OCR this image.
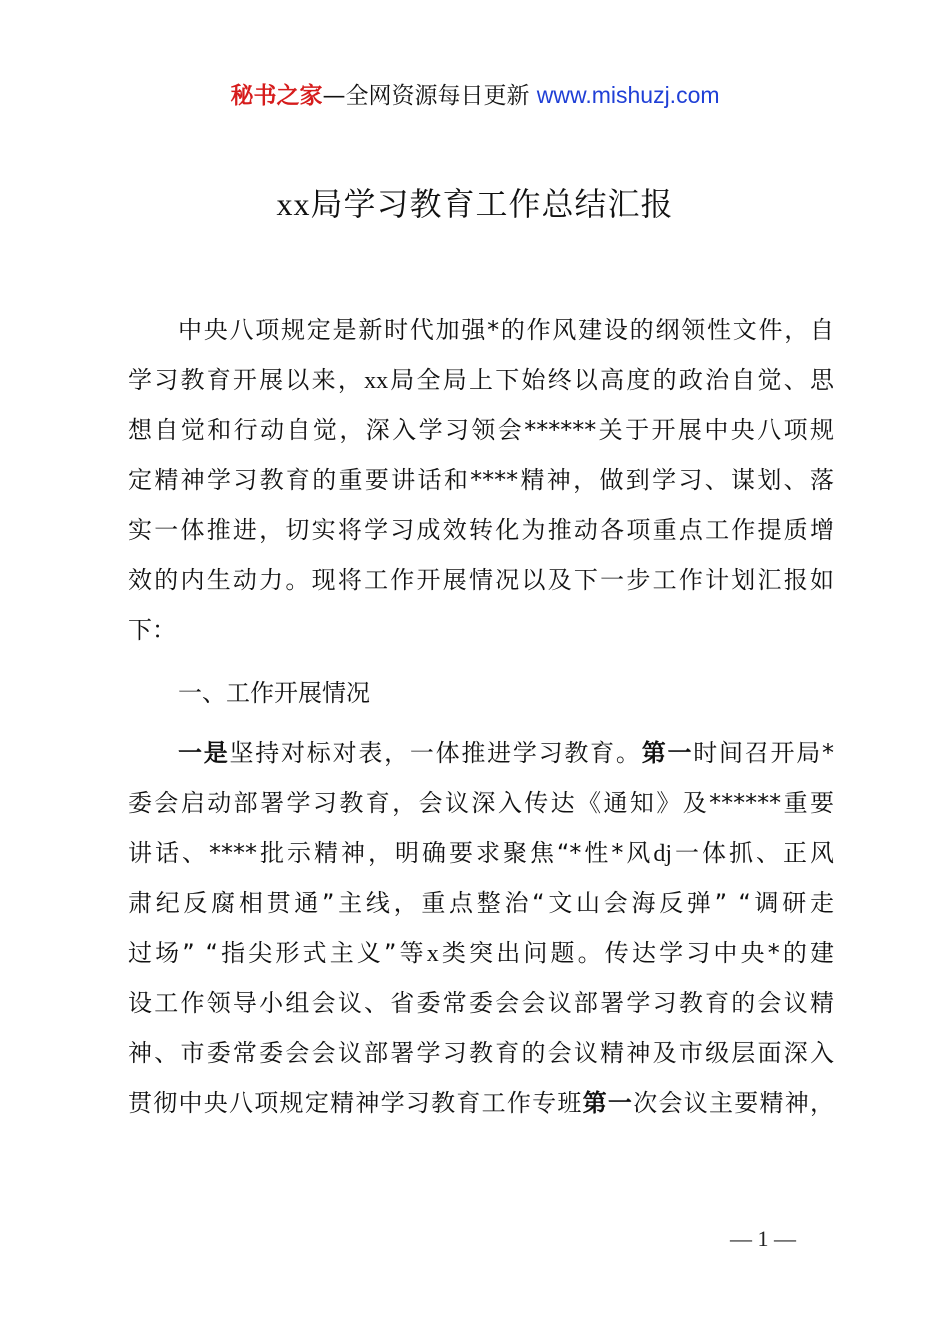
秘书之家—全网资源每日更新 www.mishuzj.com
xx局学习教育工作总结汇报
中央八项规定是新时代加强*的作风建设的纲领性文件，自
学习教育开展以来，xx局全局上下始终以高度的政治自觉、思
想自觉和行动自觉，深入学习领会******关于开展中央八项规
定精神学习教育的重要讲话和****精神，做到学习、谋划、落
实一体推进，切实将学习成效转化为推动各项重点工作提质增
效的内生动力。现将工作开展情况以及下一步工作计划汇报如
下：
一、工作开展情况
一是坚持对标对表，一体推进学习教育。第一时间召开局*
委会启动部署学习教育，会议深入传达《通知》及******重要
讲话、****批示精神，明确要求聚焦“*性*风dj一体抓、正风
肃纪反腐相贯通”主线，重点整治“文山会海反弹” “调研走
过场” “指尖形式主义”等x类突出问题。传达学习中央*的建
设工作领导小组会议、省委常委会会议部署学习教育的会议精
神、市委常委会会议部署学习教育的会议精神及市级层面深入
贯彻中央八项规定精神学习教育工作专班第一次会议主要精神，
— 1 —
